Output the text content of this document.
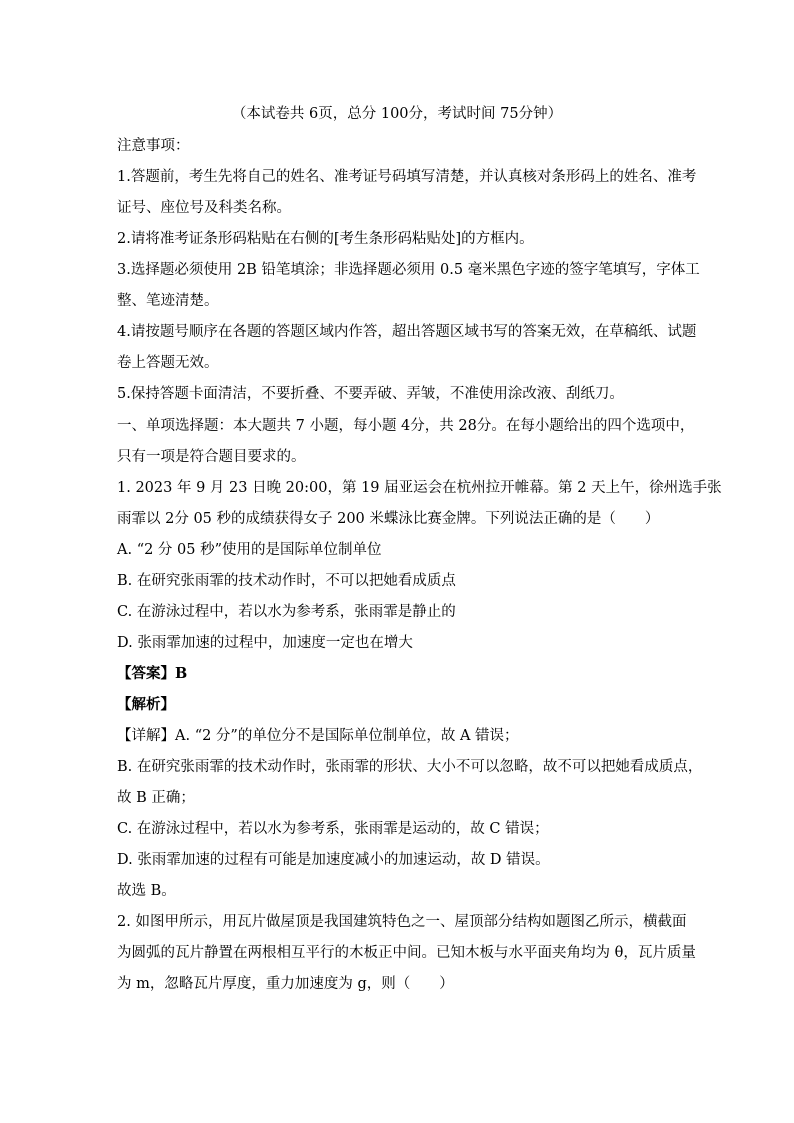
（本试卷共 6页，总分 100分，考试时间 75分钟）
注意事项：
1.答题前，考生先将自己的姓名、准考证号码填写清楚，并认真核对条形码上的姓名、准考
证号、座位号及科类名称。
2.请将准考证条形码粘贴在右侧的[考生条形码粘贴处]的方框内。
3.选择题必须使用 2B 铅笔填涂；非选择题必须用 0.5 毫米黑色字迹的签字笔填写，字体工
整、笔迹清楚。
4.请按题号顺序在各题的答题区域内作答，超出答题区域书写的答案无效，在草稿纸、试题
卷上答题无效。
5.保持答题卡面清洁，不要折叠、不要弄破、弄皱，不准使用涂改液、刮纸刀。
一、单项选择题：本大题共 7 小题，每小题 4分，共 28分。在每小题给出的四个选项中，
只有一项是符合题目要求的。
1. 2023 年 9 月 23 日晚 20:00，第 19 届亚运会在杭州拉开帷幕。第 2 天上午，徐州选手张
雨霏以 2分 05 秒的成绩获得女子 200 米蝶泳比赛金牌。下列说法正确的是（　　）
A. “2 分 05 秒”使用的是国际单位制单位
B. 在研究张雨霏的技术动作时，不可以把她看成质点
C. 在游泳过程中，若以水为参考系，张雨霏是静止的
D. 张雨霏加速的过程中，加速度一定也在增大
【答案】B
【解析】
【详解】A. “2 分”的单位分不是国际单位制单位，故 A 错误；
B. 在研究张雨霏的技术动作时，张雨霏的形状、大小不可以忽略，故不可以把她看成质点，
故 B 正确；
C. 在游泳过程中，若以水为参考系，张雨霏是运动的，故 C 错误；
D. 张雨霏加速的过程有可能是加速度减小的加速运动，故 D 错误。
故选 B。
2. 如图甲所示，用瓦片做屋顶是我国建筑特色之一、屋顶部分结构如题图乙所示，横截面
为圆弧的瓦片静置在两根相互平行的木板正中间。已知木板与水平面夹角均为 θ，瓦片质量
为 m，忽略瓦片厚度，重力加速度为 g，则（　　）
